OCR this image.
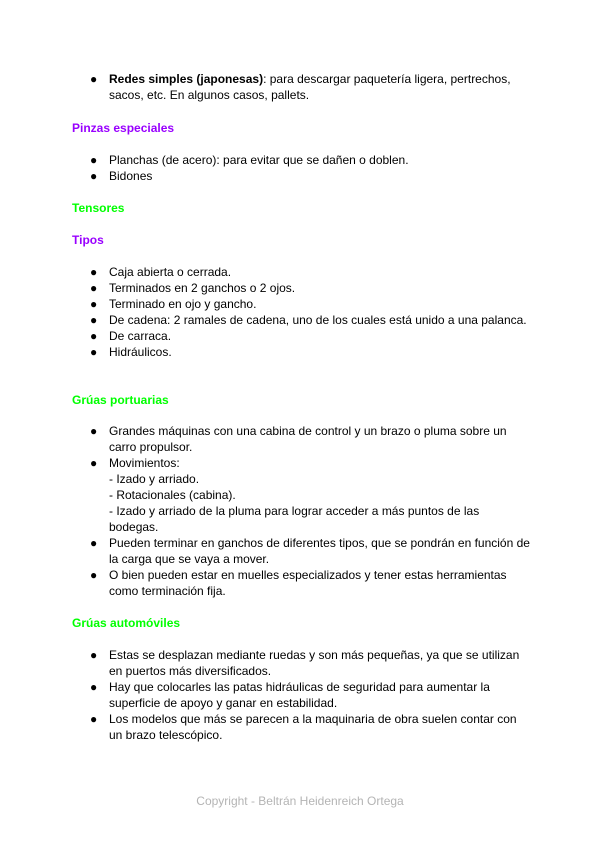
● Redes simples (japonesas): para descargar paquetería ligera, pertrechos, sacos, etc. En algunos casos, pallets.
Pinzas especiales
● Planchas (de acero): para evitar que se dañen o doblen.
● Bidones
Tensores
Tipos
● Caja abierta o cerrada.
● Terminados en 2 ganchos o 2 ojos.
● Terminado en ojo y gancho.
● De cadena: 2 ramales de cadena, uno de los cuales está unido a una palanca.
● De carraca.
● Hidráulicos.
Grúas portuarias
● Grandes máquinas con una cabina de control y un brazo o pluma sobre un carro propulsor.
● Movimientos:
- Izado y arriado.
- Rotacionales (cabina).
- Izado y arriado de la pluma para lograr acceder a más puntos de las bodegas.
● Pueden terminar en ganchos de diferentes tipos, que se pondrán en función de la carga que se vaya a mover.
● O bien pueden estar en muelles especializados y tener estas herramientas como terminación fija.
Grúas automóviles
● Estas se desplazan mediante ruedas y son más pequeñas, ya que se utilizan en puertos más diversificados.
● Hay que colocarles las patas hidráulicas de seguridad para aumentar la superficie de apoyo y ganar en estabilidad.
● Los modelos que más se parecen a la maquinaria de obra suelen contar con un brazo telescópico.
Copyright - Beltrán Heidenreich Ortega
